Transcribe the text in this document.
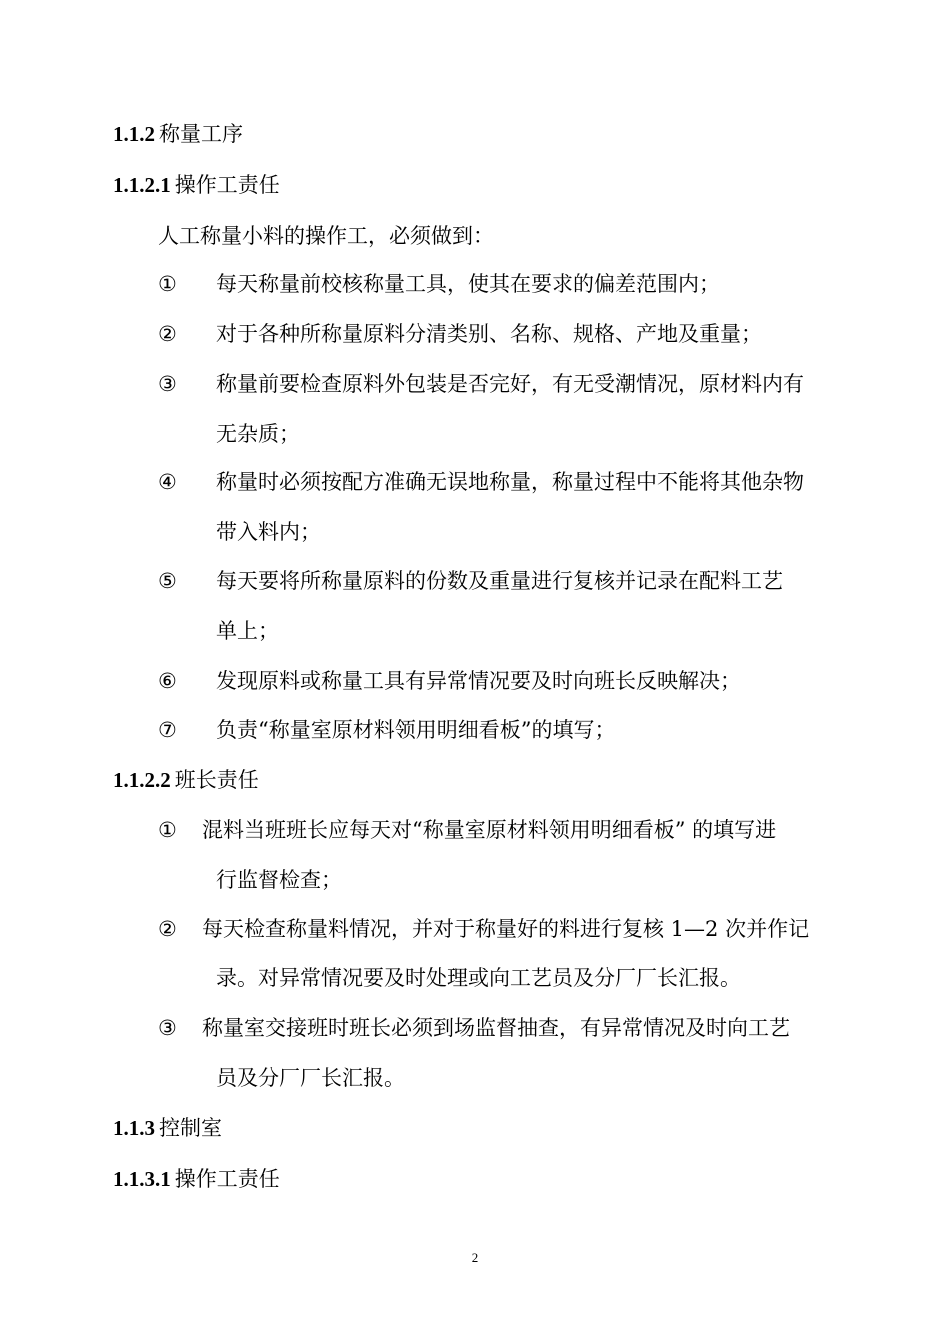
1.1.2 称量工序
1.1.2.1 操作工责任
人工称量小料的操作工，必须做到：
① 每天称量前校核称量工具，使其在要求的偏差范围内；
② 对于各种所称量原料分清类别、名称、规格、产地及重量；
③ 称量前要检查原料外包装是否完好，有无受潮情况，原材料内有
无杂质；
④ 称量时必须按配方准确无误地称量，称量过程中不能将其他杂物
带入料内；
⑤ 每天要将所称量原料的份数及重量进行复核并记录在配料工艺
单上；
⑥ 发现原料或称量工具有异常情况要及时向班长反映解决；
⑦ 负责“称量室原材料领用明细看板”的填写；
1.1.2.2 班长责任
① 混料当班班长应每天对“称量室原材料领用明细看板” 的填写进
行监督检查；
② 每天检查称量料情况，并对于称量好的料进行复核 1—2 次并作记
录。对异常情况要及时处理或向工艺员及分厂厂长汇报。
③ 称量室交接班时班长必须到场监督抽查，有异常情况及时向工艺
员及分厂厂长汇报。
1.1.3 控制室
1.1.3.1 操作工责任
2
